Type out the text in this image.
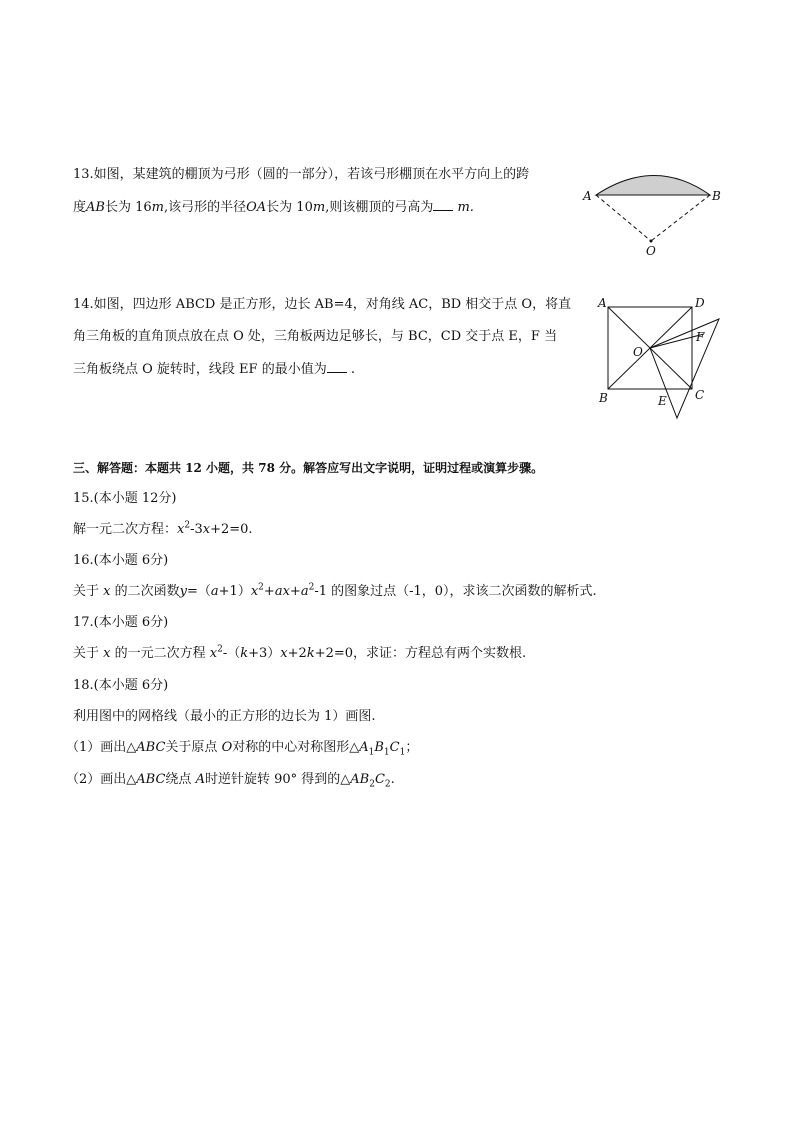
13.如图，某建筑的棚顶为弓形（圆的一部分），若该弓形棚顶在水平方向上的跨
度AB长为 16m,该弓形的半径OA长为 10m,则该棚顶的弓高为 m.
A	B
O
14.如图，四边形 ABCD 是正方形，边长 AB=4，对角线 AC，BD 相交于点 O，将直
角三角板的直角顶点放在点 O 处，三角板两边足够长，与 BC，CD 交于点 E，F 当
三角板绕点 O 旋转时，线段 EF 的最小值为 .
A	D
B	C
O
E
F
三、解答题：本题共 12 小题，共 78 分。解答应写出文字说明，证明过程或演算步骤。
15.(本小题 12分)
解一元二次方程：$x^2-3x+2=0$.
16.(本小题 6分)
关于 x 的二次函数$y=(a+1)x^2+ax+a^2-1$ 的图象过点（-1，0），求该二次函数的解析式.
17.(本小题 6分)
关于 x 的一元二次方程 $x^2-(k+3)x+2k+2=0$，求证：方程总有两个实数根.
18.(本小题 6分)
利用图中的网格线（最小的正方形的边长为 1）画图.
（1）画出△ABC关于原点 O对称的中心对称图形$\triangle A_1B_1C_1$；
（2）画出△ABC绕点 A时逆针旋转 90° 得到的$\triangle AB_2C_2$.
